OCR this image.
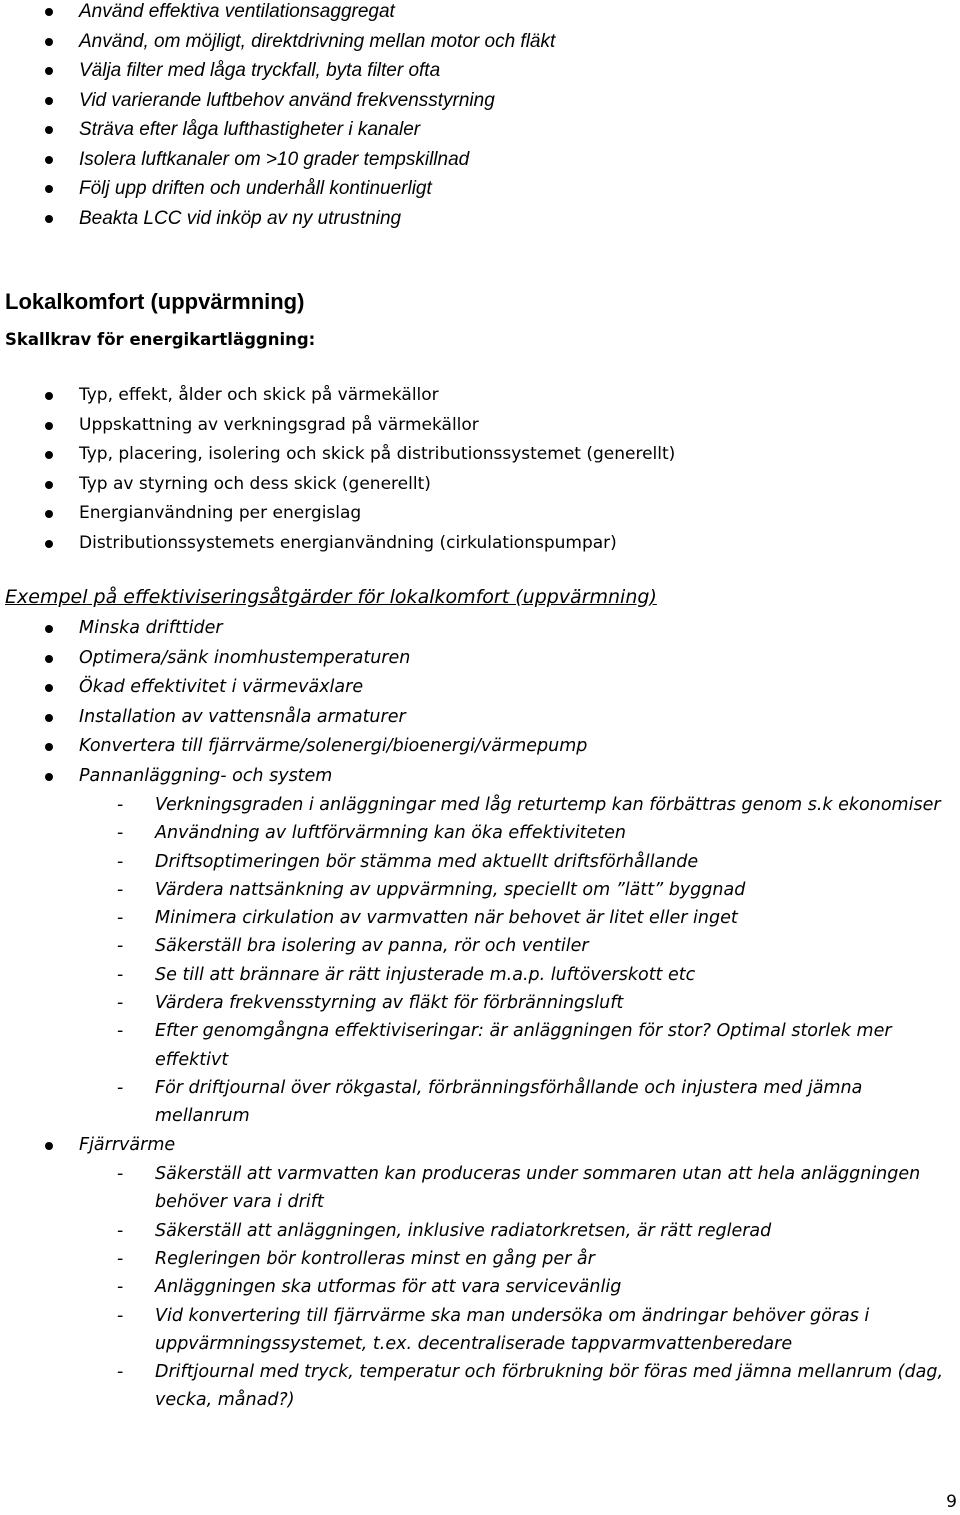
Använd effektiva ventilationsaggregat
Använd, om möjligt, direktdrivning mellan motor och fläkt
Välja filter med låga tryckfall, byta filter ofta
Vid varierande luftbehov använd frekvensstyrning
Sträva efter låga lufthastigheter i kanaler
Isolera luftkanaler om >10 grader tempskillnad
Följ upp driften och underhåll kontinuerligt
Beakta LCC vid inköp av ny utrustning
Lokalkomfort (uppvärmning)
Skallkrav för energikartläggning:
Typ, effekt, ålder och skick på värmekällor
Uppskattning av verkningsgrad på värmekällor
Typ, placering, isolering och skick på distributionssystemet (generellt)
Typ av styrning och dess skick (generellt)
Energianvändning per energislag
Distributionssystemets energianvändning (cirkulationspumpar)
Exempel på effektiviseringsåtgärder för lokalkomfort (uppvärmning)
Minska drifttider
Optimera/sänk inomhustemperaturen
Ökad effektivitet i värmeväxlare
Installation av vattensnåla armaturer
Konvertera till fjärrvärme/solenergi/bioenergi/värmepump
Pannanläggning- och system
- Verkningsgraden i anläggningar med låg returtemp kan förbättras genom s.k ekonomiser
- Användning av luftförvärmning kan öka effektiviteten
- Driftsoptimeringen bör stämma med aktuellt driftsförhållande
- Värdera nattsänkning av uppvärmning, speciellt om ”lätt” byggnad
- Minimera cirkulation av varmvatten när behovet är litet eller inget
- Säkerställ bra isolering av panna, rör och ventiler
- Se till att brännare är rätt injusterade m.a.p. luftöverskott etc
- Värdera frekvensstyrning av fläkt för förbränningsluft
- Efter genomgångna effektiviseringar: är anläggningen för stor? Optimal storlek mer effektivt
- För driftjournal över rökgastal, förbränningsförhållande och injustera med jämna mellanrum
Fjärrvärme
- Säkerställ att varmvatten kan produceras under sommaren utan att hela anläggningen behöver vara i drift
- Säkerställ att anläggningen, inklusive radiatorkretsen, är rätt reglerad
- Regleringen bör kontrolleras minst en gång per år
- Anläggningen ska utformas för att vara servicevänlig
- Vid konvertering till fjärrvärme ska man undersöka om ändringar behöver göras i uppvärmningssystemet, t.ex. decentraliserade tappvarmvattenberedare
- Driftjournal med tryck, temperatur och förbrukning bör föras med jämna mellanrum (dag, vecka, månad?)
9
